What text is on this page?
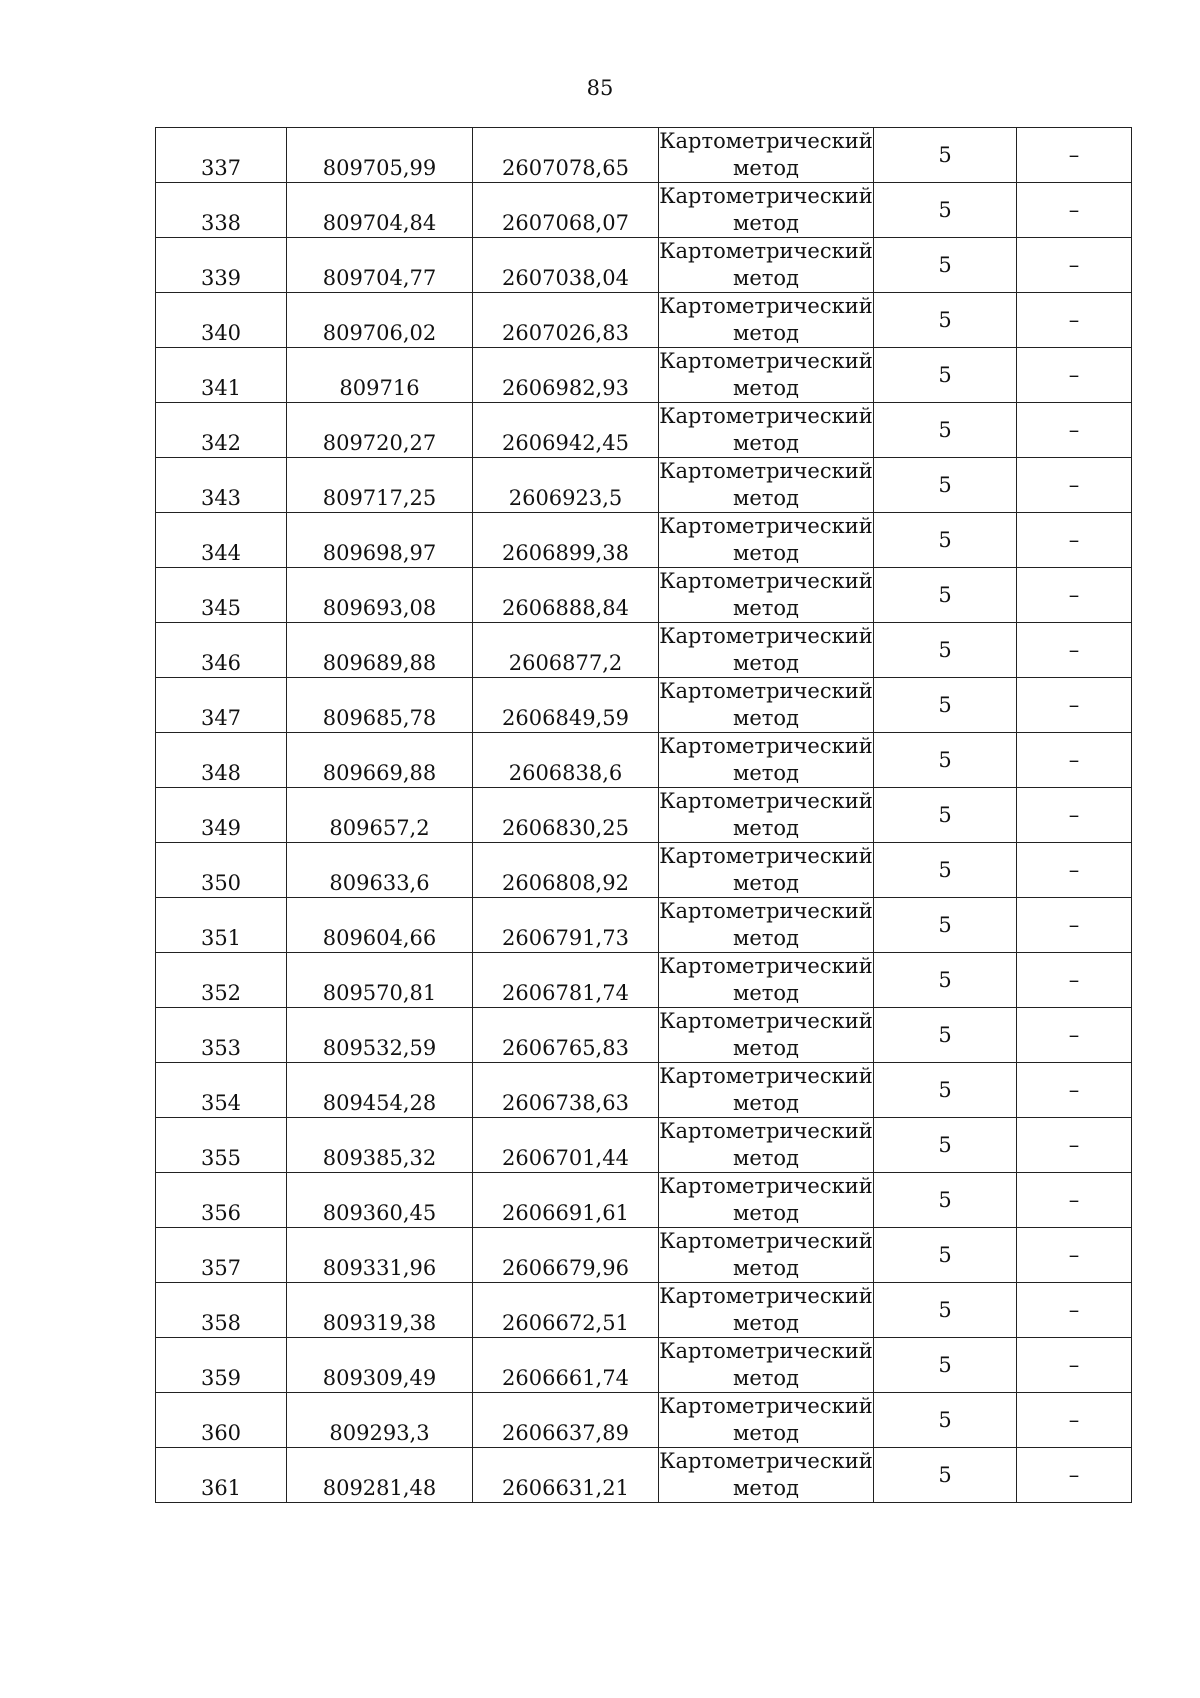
85
337	809705,99	2607078,65	Картометрический
метод	5	–
338	809704,84	2607068,07	Картометрический
метод	5	–
339	809704,77	2607038,04	Картометрический
метод	5	–
340	809706,02	2607026,83	Картометрический
метод	5	–
341	809716	2606982,93	Картометрический
метод	5	–
342	809720,27	2606942,45	Картометрический
метод	5	–
343	809717,25	2606923,5	Картометрический
метод	5	–
344	809698,97	2606899,38	Картометрический
метод	5	–
345	809693,08	2606888,84	Картометрический
метод	5	–
346	809689,88	2606877,2	Картометрический
метод	5	–
347	809685,78	2606849,59	Картометрический
метод	5	–
348	809669,88	2606838,6	Картометрический
метод	5	–
349	809657,2	2606830,25	Картометрический
метод	5	–
350	809633,6	2606808,92	Картометрический
метод	5	–
351	809604,66	2606791,73	Картометрический
метод	5	–
352	809570,81	2606781,74	Картометрический
метод	5	–
353	809532,59	2606765,83	Картометрический
метод	5	–
354	809454,28	2606738,63	Картометрический
метод	5	–
355	809385,32	2606701,44	Картометрический
метод	5	–
356	809360,45	2606691,61	Картометрический
метод	5	–
357	809331,96	2606679,96	Картометрический
метод	5	–
358	809319,38	2606672,51	Картометрический
метод	5	–
359	809309,49	2606661,74	Картометрический
метод	5	–
360	809293,3	2606637,89	Картометрический
метод	5	–
361	809281,48	2606631,21	Картометрический
метод	5	–
